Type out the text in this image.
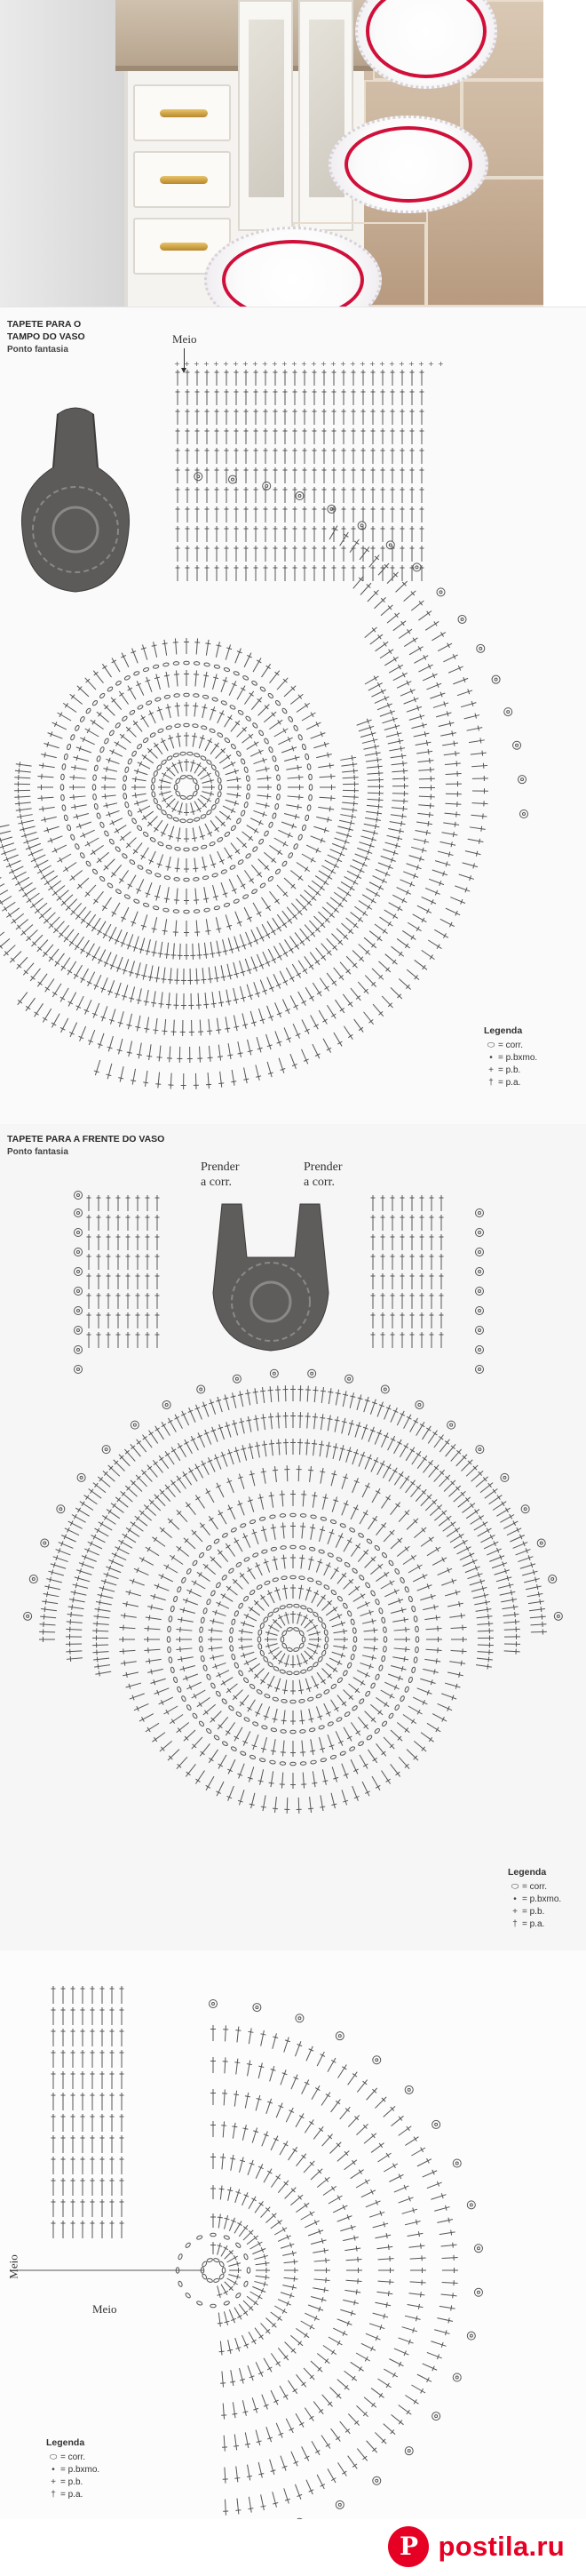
TAPETE PARA O
TAMPO DO VASO
Ponto fantasia
Meio
+ + + + + + + + + + + + + + + + + + + + + + + + + + + +
Legenda
⬭ = corr.
• = p.bxmo.
+ = p.b.
† = p.a.
TAPETE PARA A FRENTE DO VASO
Ponto fantasia
Prender
a corr.
Prender
a corr.
Legenda
⬭ = corr.
• = p.bxmo.
+ = p.b.
† = p.a.
Meio
Meio
Legenda
⬭ = corr.
• = p.bxmo.
+ = p.b.
† = p.a.
P
postila.ru
